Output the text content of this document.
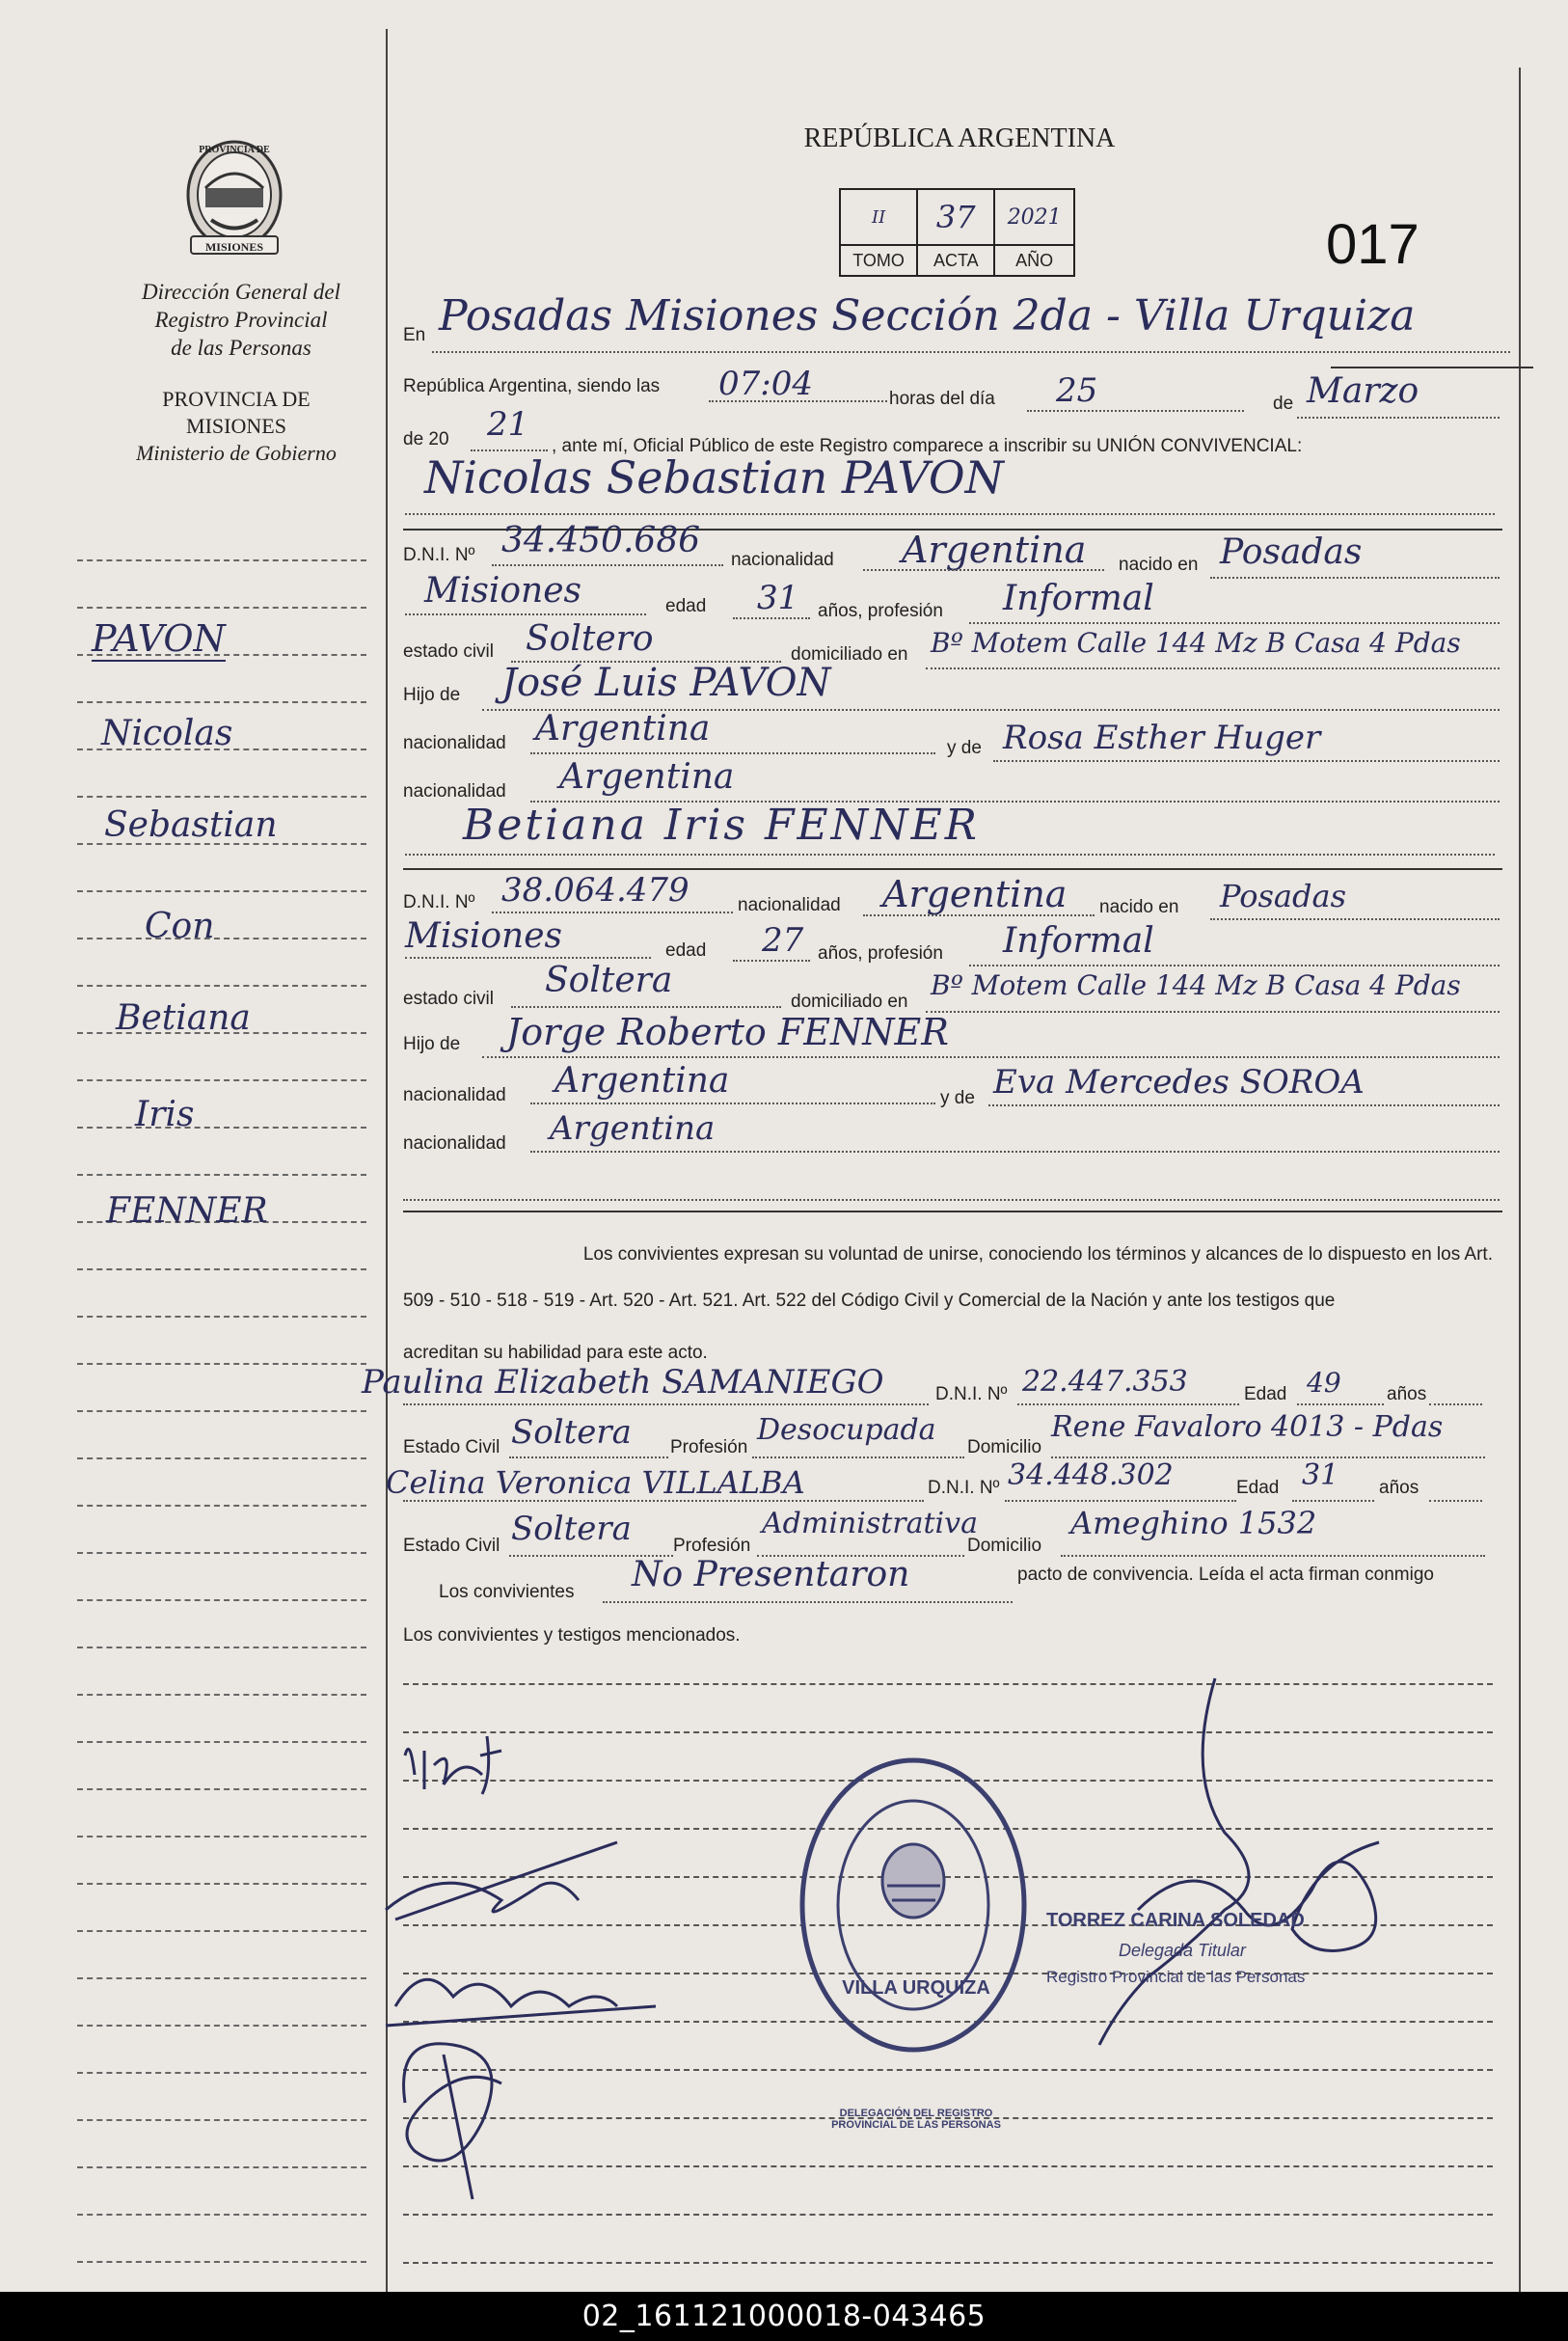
PROVINCIA DE
MISIONES
Dirección General del
Registro Provincial
de las Personas
PROVINCIA DE
MISIONES
Ministerio de Gobierno
PAVON
Nicolas
Sebastian
Con
Betiana
Iris
FENNER
REPÚBLICA ARGENTINA
II	37	2021
TOMO	ACTA	AÑO	017
En Posadas Misiones Sección 2da - Villa Urquiza
República Argentina, siendo las 07:04	horas del día 25	de Marzo
de 20 21
, ante mí, Oficial Público de este Registro comparece a inscribir su UNIÓN CONVIVENCIAL:
Nicolas Sebastian PAVON
D.N.I. Nº 34.450.686 nacionalidad Argentina nacido en Posadas
Misiones	edad 31 años, profesión Informal
estado civil Soltero	domiciliado en Bº Motem Calle 144 Mz B Casa 4 Pdas
Hijo de José Luis PAVON
nacionalidad Argentina	y de Rosa Esther Huger
nacionalidad Argentina
Betiana Iris FENNER
D.N.I. Nº 38.064.479	nacionalidad Argentina nacido en Posadas
Misiones	edad 27 años, profesión Informal
estado civil Soltera
domiciliado en
Bº Motem Calle 144 Mz B Casa 4 Pdas
Hijo de Jorge Roberto FENNER
nacionalidad Argentina	y de Eva Mercedes SOROA
nacionalidad Argentina
Los convivientes expresan su voluntad de unirse, conociendo los términos y alcances de lo dispuesto en los Art.
509 - 510 - 518 - 519 - Art. 520 - Art. 521. Art. 522 del Código Civil y Comercial de la Nación y ante los testigos que
acreditan su habilidad para este acto.
Paulina Elizabeth SAMANIEGO	D.N.I. Nº 22.447.353	Edad 49 años
Estado Civil Soltera Profesión
Desocupada
Domicilio
Rene Favaloro 4013 - Pdas
Celina Veronica VILLALBA	D.N.I. Nº 34.448.302	Edad 31 años
Estado Civil Soltera Profesión
Administrativa
Domicilio
Ameghino 1532
Los convivientes No Presentaron	pacto de convivencia. Leída el acta firman conmigo
Los convivientes y testigos mencionados.
DELEGACIÓN DEL REGISTRO PROVINCIAL DE LAS PERSONAS
VILLA URQUIZA
TORREZ CARINA SOLEDAD
Delegada Titular
Registro Provincial de las Personas
02_161121000018-043465
